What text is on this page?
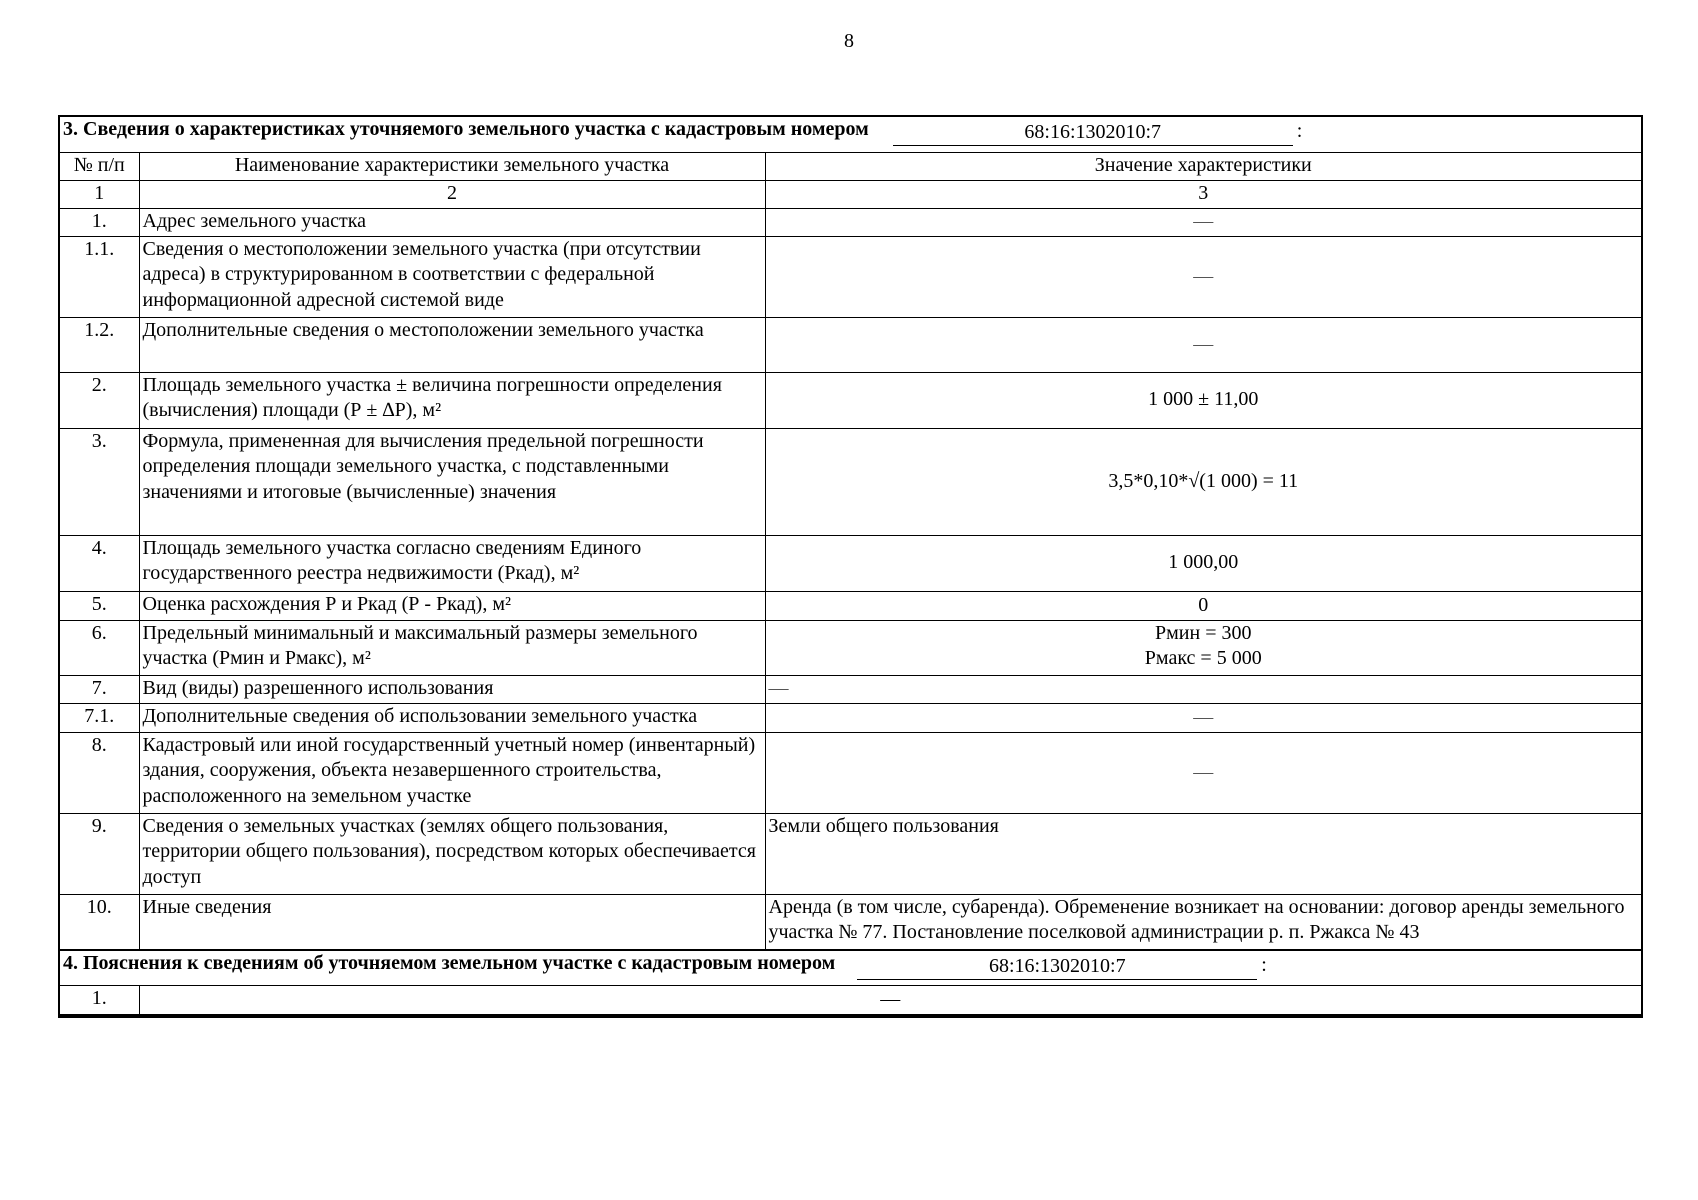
8
3. Сведения о характеристиках уточняемого земельного участка с кадастровым номером 68:16:1302010:7 :		

№ п/п	Наименование характеристики земельного участка	Значение характеристики
1	2	3
1.	Адрес земельного участка	—
1.1.	Сведения о местоположении земельного участка (при отсутствии адреса) в структурированном в соответствии с федеральной информационной адресной системой виде	—
1.2.	Дополнительные сведения о местоположении земельного участка	—
2.	Площадь земельного участка ± величина погрешности определения (вычисления) площади (Р ± ∆Р), м²	1 000 ± 11,00
3.	Формула, примененная для вычисления предельной погрешности определения площади земельного участка, с подставленными значениями и итоговые (вычисленные) значения	3,5*0,10*√(1 000) = 11
4.	Площадь земельного участка согласно сведениям Единого государственного реестра недвижимости (Ркад), м²	1 000,00
5.	Оценка расхождения Р и Ркад (Р - Ркад), м²	0
6.	Предельный минимальный и максимальный размеры земельного участка (Рмин и Рмакс), м²	Рмин = 300
Рмакс = 5 000

7.	Вид (виды) разрешенного использования	—
7.1.	Дополнительные сведения об использовании земельного участка	—
8.	Кадастровый или иной государственный учетный номер (инвентарный) здания, сооружения, объекта незавершенного строительства, расположенного на земельном участке	—
9.	Сведения о земельных участках (землях общего пользования, территории общего пользования), посредством которых обеспечивается доступ	Земли общего пользования
10.	Иные сведения	Аренда (в том числе, субаренда). Обременение возникает на основании: договор аренды земельного участка № 77. Постановление поселковой администрации р. п. Ржакса № 43

4. Пояснения к сведениям об уточняемом земельном участке с кадастровым номером 68:16:1302010:7 :		

1.	—	
